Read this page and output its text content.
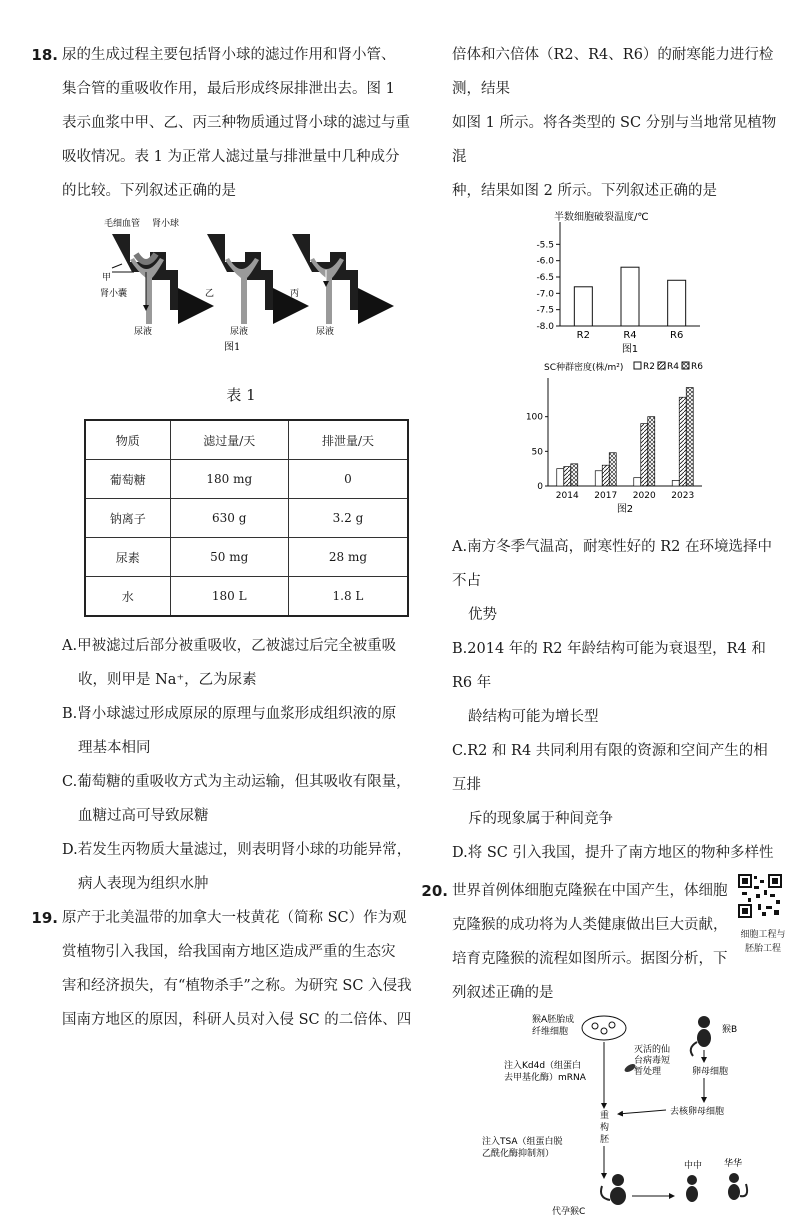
18. 尿的生成过程主要包括肾小球的滤过作用和肾小管、

集合管的重吸收作用，最后形成终尿排泄出去。图 1

表示血浆中甲、乙、丙三种物质通过肾小球的滤过与重

吸收情况。表 1 为正常人滤过量与排泄量中几种成分

的比较。下列叙述正确的是

毛细血管 肾小球
甲
肾小囊	乙	丙
尿液	尿液	尿液
图1
表 1
物质	滤过量/天	排泄量/天
葡萄糖	180 mg	0
钠离子	630 g	3.2 g
尿素	50 mg	28 mg
水	180 L	1.8 L

A.甲被滤过后部分被重吸收，乙被滤过后完全被重吸
收，则甲是 Na⁺，乙为尿素

B.肾小球滤过形成原尿的原理与血浆形成组织液的原
理基本相同

C.葡萄糖的重吸收方式为主动运输，但其吸收有限量，
血糖过高可导致尿糖

D.若发生丙物质大量滤过，则表明肾小球的功能异常，
病人表现为组织水肿

19. 原产于北美温带的加拿大一枝黄花（简称 SC）作为观

赏植物引入我国，给我国南方地区造成严重的生态灾

害和经济损失，有“植物杀手”之称。为研究 SC 入侵我

国南方地区的原因，科研人员对入侵 SC 的二倍体、四

倍体和六倍体（R2、R4、R6）的耐寒能力进行检测，结果

如图 1 所示。将各类型的 SC 分别与当地常见植物混

种，结果如图 2 所示。下列叙述正确的是

半数细胞破裂温度/℃
-5.5
-6.0
-6.5
-7.0
-7.5
-8.0
R2	R4	R6
图1
SC种群密度(株/m²) R2 R4 R6
0
50
100
2014 2017 2020 2023
图2

A.南方冬季气温高，耐寒性好的 R2 在环境选择中不占
优势

B.2014 年的 R2 年龄结构可能为衰退型，R4 和 R6 年
龄结构可能为增长型

C.R2 和 R4 共同利用有限的资源和空间产生的相互排
斥的现象属于种间竞争

D.将 SC 引入我国，提升了南方地区的物种多样性

细胞工程与
胚胎工程

20. 世界首例体细胞克隆猴在中国产生，体细胞

克隆猴的成功将为人类健康做出巨大贡献，

培育克隆猴的流程如图所示。据图分析，下

列叙述正确的是

猴A胚胎成
纤维细胞	猴B
灭活的仙
台病毒短
暂处理
注入Kd4d（组蛋白
去甲基化酶）mRNA
卵母细胞
去核卵母细胞
重
构
胚
注入TSA（组蛋白脱
乙酰化酶抑制剂）
代孕猴C
中中 华华
